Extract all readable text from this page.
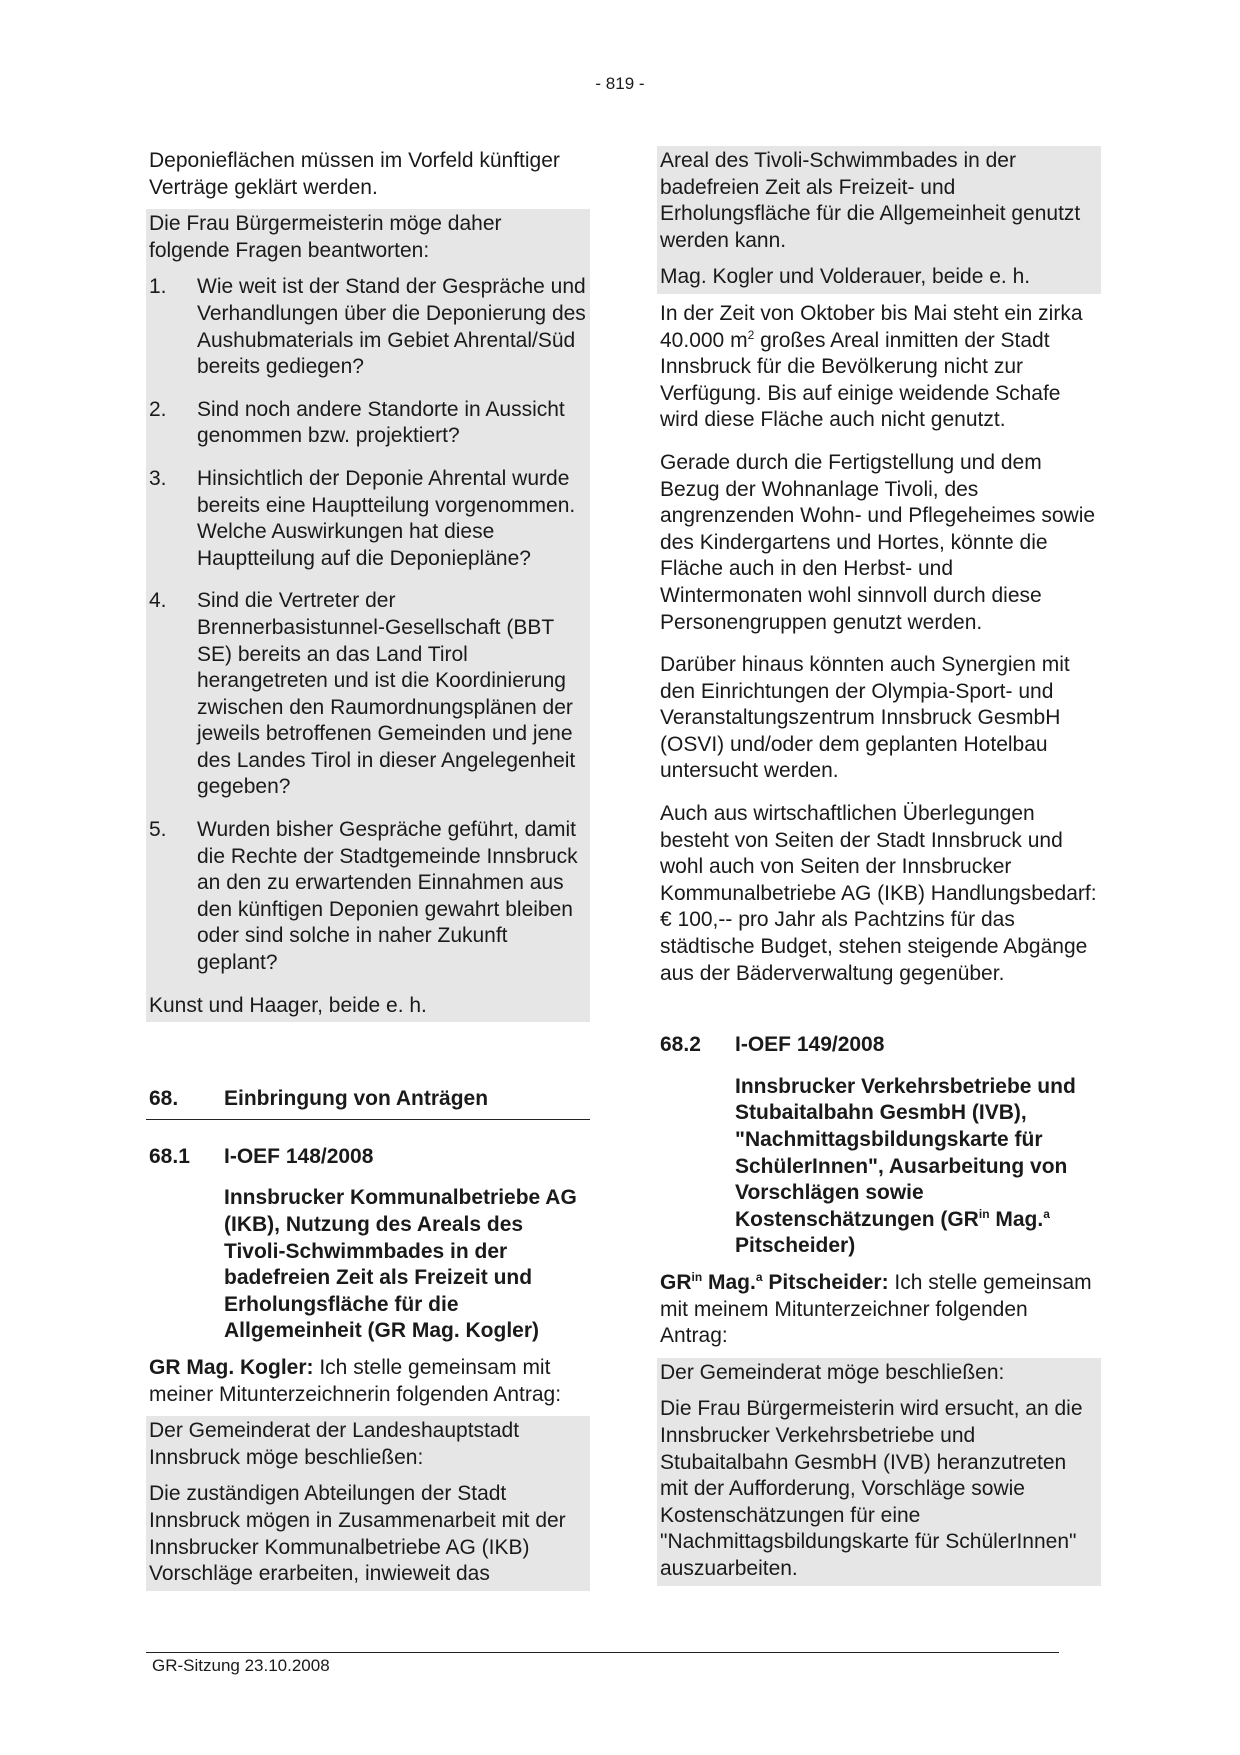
- 819 -

Deponieflächen müssen im Vorfeld künftiger Verträge geklärt werden.

Die Frau Bürgermeisterin möge daher folgende Fragen beantworten:

1.	Wie weit ist der Stand der Gespräche und Verhandlungen über die Deponierung des Aushubmaterials im Gebiet Ahrental/Süd bereits gediegen?
2.	Sind noch andere Standorte in Aussicht genommen bzw. projektiert?
3.	Hinsichtlich der Deponie Ahrental wurde bereits eine Hauptteilung vorgenommen. Welche Auswirkungen hat diese Hauptteilung auf die Deponiepläne?
4.	Sind die Vertreter der Brennerbasistunnel-Gesellschaft (BBT SE) bereits an das Land Tirol herangetreten und ist die Koordinierung zwischen den Raumordnungsplänen der jeweils betroffenen Gemeinden und jene des Landes Tirol in dieser Angelegenheit gegeben?
5.	Wurden bisher Gespräche geführt, damit die Rechte der Stadtgemeinde Innsbruck an den zu erwartenden Einnahmen aus den künftigen Deponien gewahrt bleiben oder sind solche in naher Zukunft geplant?

Kunst und Haager, beide e. h.

68.	Einbringung von Anträgen
68.1	I-OEF 148/2008
Innsbrucker Kommunalbetriebe AG (IKB), Nutzung des Areals des Tivoli-Schwimmbades in der badefreien Zeit als Freizeit und Erholungsfläche für die Allgemeinheit (GR Mag. Kogler)

GR Mag. Kogler: Ich stelle gemeinsam mit meiner Mitunterzeichnerin folgenden Antrag:

Der Gemeinderat der Landeshauptstadt Innsbruck möge beschließen:

Die zuständigen Abteilungen der Stadt Innsbruck mögen in Zusammenarbeit mit der Innsbrucker Kommunalbetriebe AG (IKB) Vorschläge erarbeiten, inwieweit das

Areal des Tivoli-Schwimmbades in der badefreien Zeit als Freizeit- und Erholungsfläche für die Allgemeinheit genutzt werden kann.

Mag. Kogler und Volderauer, beide e. h.

In der Zeit von Oktober bis Mai steht ein zirka 40.000 $m^2$ großes Areal inmitten der Stadt Innsbruck für die Bevölkerung nicht zur Verfügung. Bis auf einige weidende Schafe wird diese Fläche auch nicht genutzt.

Gerade durch die Fertigstellung und dem Bezug der Wohnanlage Tivoli, des angrenzenden Wohn- und Pflegeheimes sowie des Kindergartens und Hortes, könnte die Fläche auch in den Herbst- und Wintermonaten wohl sinnvoll durch diese Personengruppen genutzt werden.

Darüber hinaus könnten auch Synergien mit den Einrichtungen der Olympia-Sport- und Veranstaltungszentrum Innsbruck GesmbH (OSVI) und/oder dem geplanten Hotelbau untersucht werden.

Auch aus wirtschaftlichen Überlegungen besteht von Seiten der Stadt Innsbruck und wohl auch von Seiten der Innsbrucker Kommunalbetriebe AG (IKB) Handlungsbedarf: € 100,-- pro Jahr als Pachtzins für das städtische Budget, stehen steigende Abgänge aus der Bäderverwaltung gegenüber.

68.2	I-OEF 149/2008
Innsbrucker Verkehrsbetriebe und Stubaitalbahn GesmbH (IVB), "Nachmittagsbildungskarte für SchülerInnen", Ausarbeitung von Vorschlägen sowie Kostenschätzungen ($GR^{in}$ Mag.$^a$ Pitscheider)

$GR^{in}$ Mag.$^a$ Pitscheider: Ich stelle gemeinsam mit meinem Mitunterzeichner folgenden Antrag:

Der Gemeinderat möge beschließen:

Die Frau Bürgermeisterin wird ersucht, an die Innsbrucker Verkehrsbetriebe und Stubaitalbahn GesmbH (IVB) heranzutreten mit der Aufforderung, Vorschläge sowie Kostenschätzungen für eine "Nachmittagsbildungskarte für SchülerInnen" auszuarbeiten.

GR-Sitzung 23.10.2008
